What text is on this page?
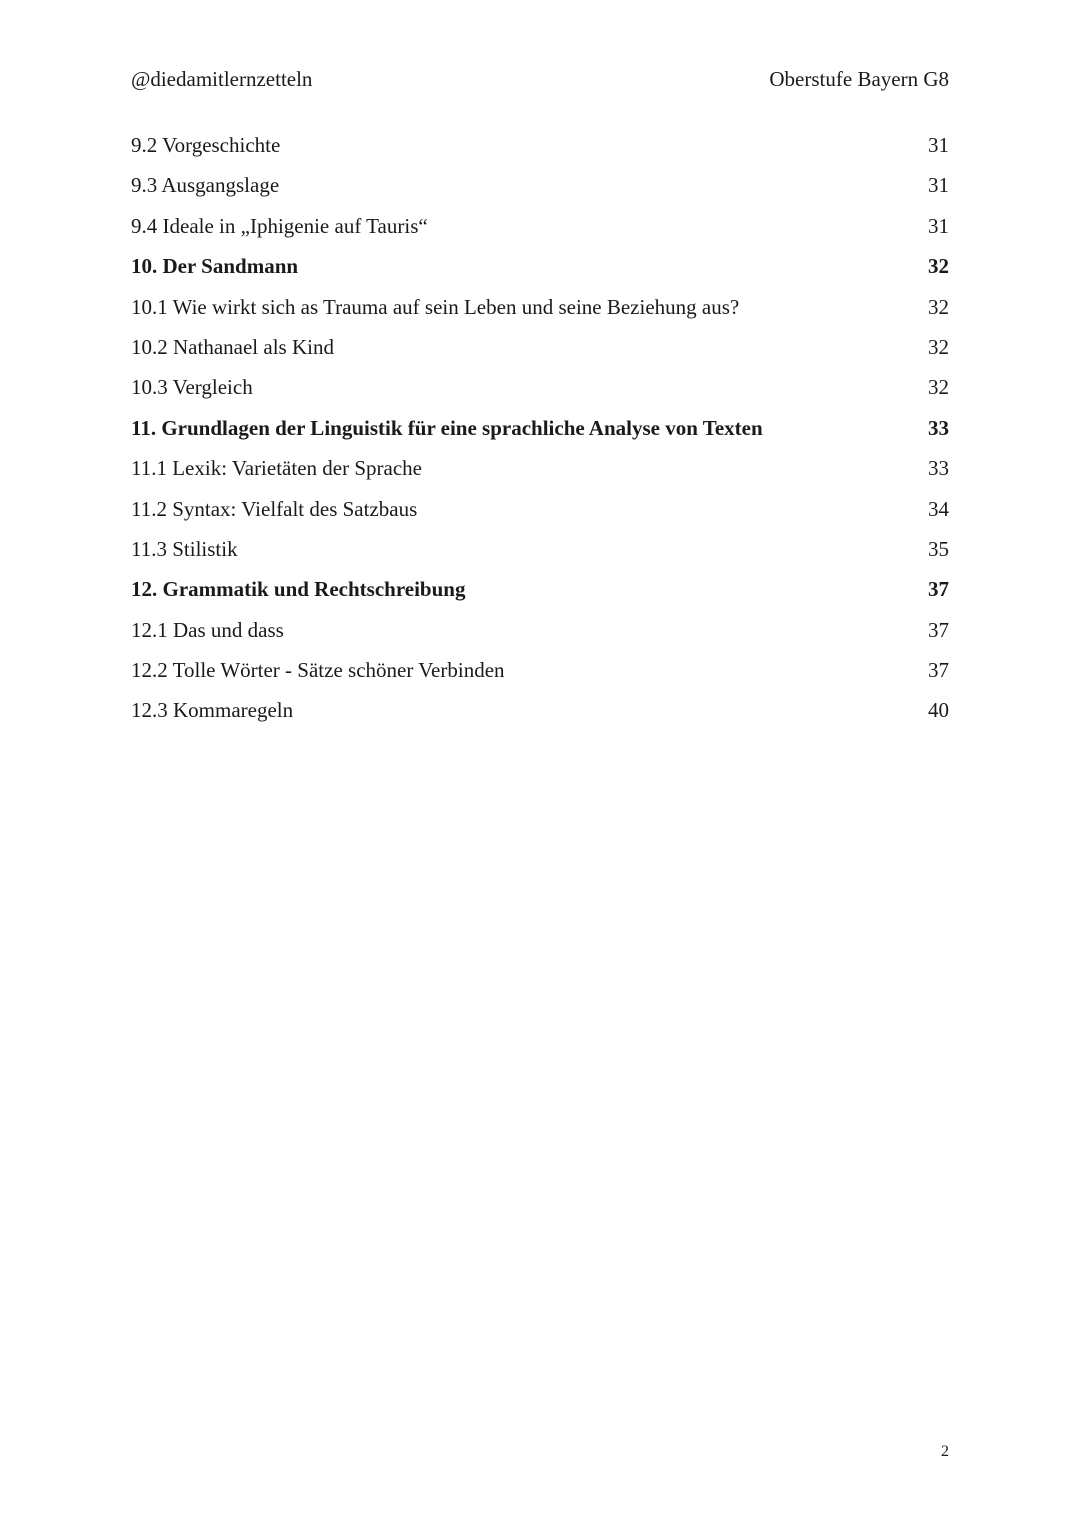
@diedamitlernzetteln	Oberstufe Bayern G8
9.2 Vorgeschichte	31
9.3 Ausgangslage	31
9.4 Ideale in „Iphigenie auf Tauris“	31
10. Der Sandmann	32
10.1 Wie wirkt sich as Trauma auf sein Leben und seine Beziehung aus?	32
10.2 Nathanael als Kind	32
10.3 Vergleich	32
11. Grundlagen der Linguistik für eine sprachliche Analyse von Texten	33
11.1 Lexik: Varietäten der Sprache	33
11.2 Syntax: Vielfalt des Satzbaus	34
11.3 Stilistik	35
12. Grammatik und Rechtschreibung	37
12.1 Das und dass	37
12.2 Tolle Wörter - Sätze schöner Verbinden	37
12.3 Kommaregeln	40
2
